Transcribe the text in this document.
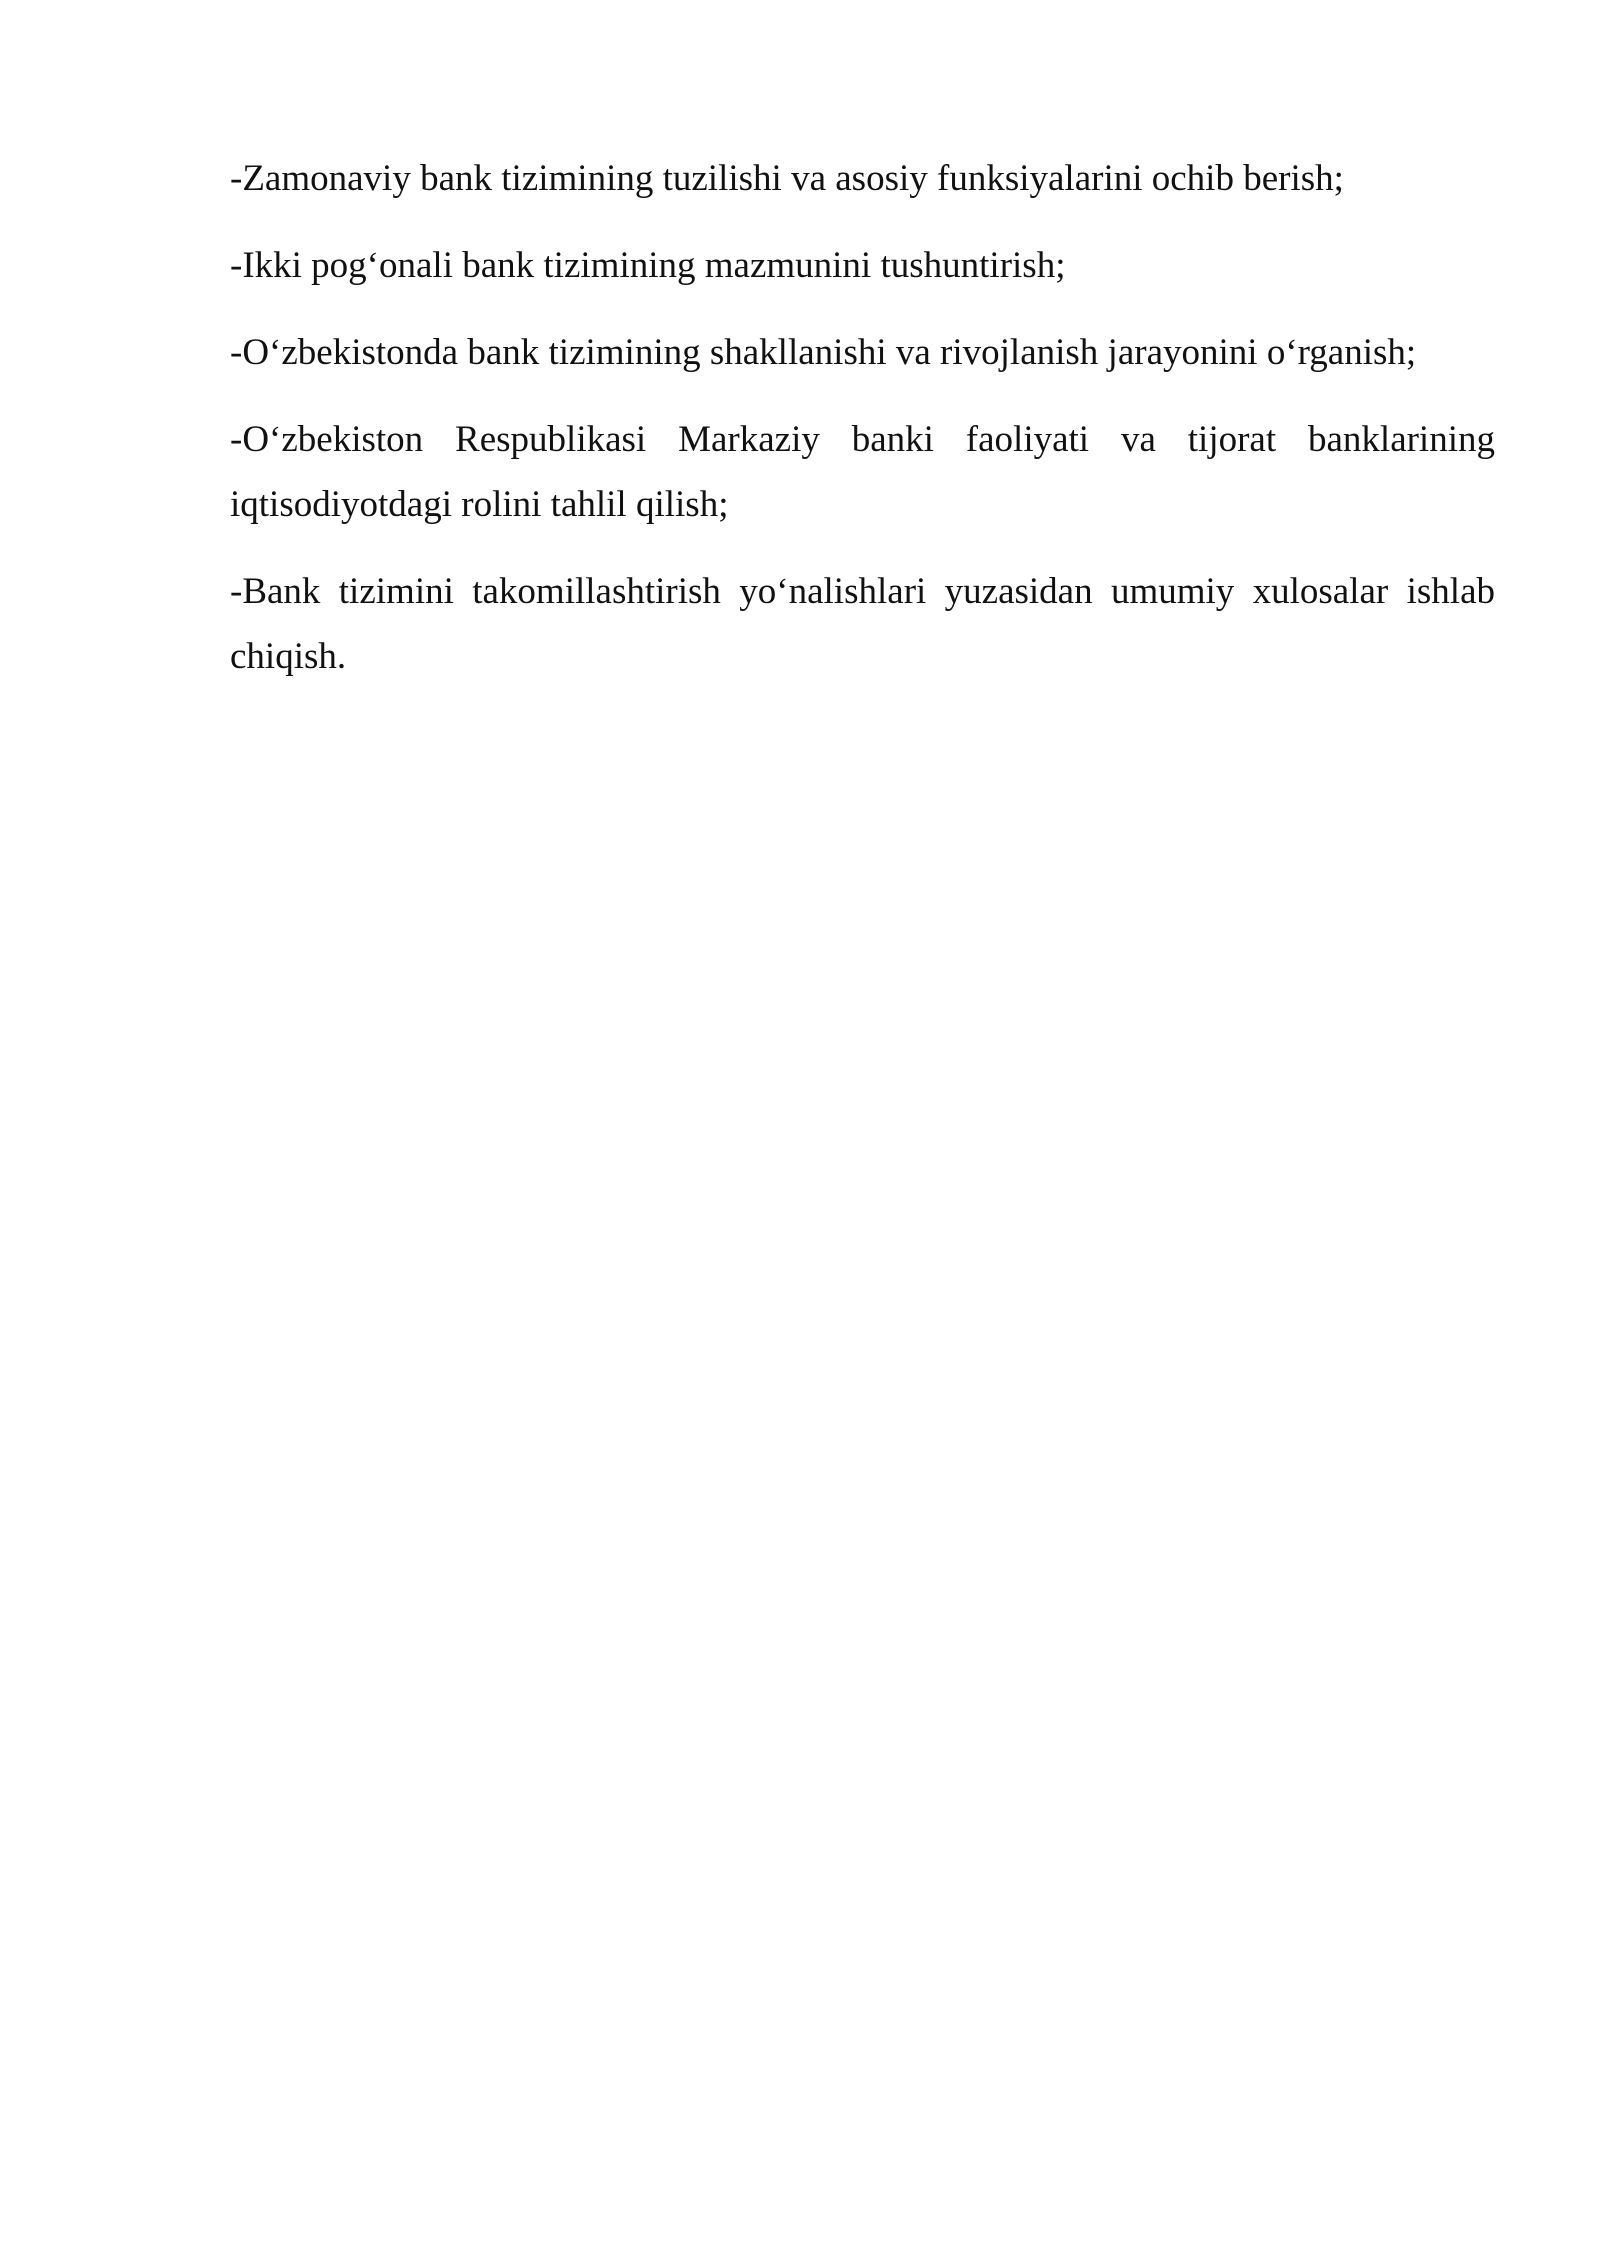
-Zamonaviy bank tizimining tuzilishi va asosiy funksiyalarini ochib berish;

-Ikki pog‘onali bank tizimining mazmunini tushuntirish;

-O‘zbekistonda bank tizimining shakllanishi va rivojlanish jarayonini o‘rganish;

-O‘zbekiston Respublikasi Markaziy banki faoliyati va tijorat banklarining iqtisodiyotdagi rolini tahlil qilish;

-Bank tizimini takomillashtirish yo‘nalishlari yuzasidan umumiy xulosalar ishlab chiqish.
